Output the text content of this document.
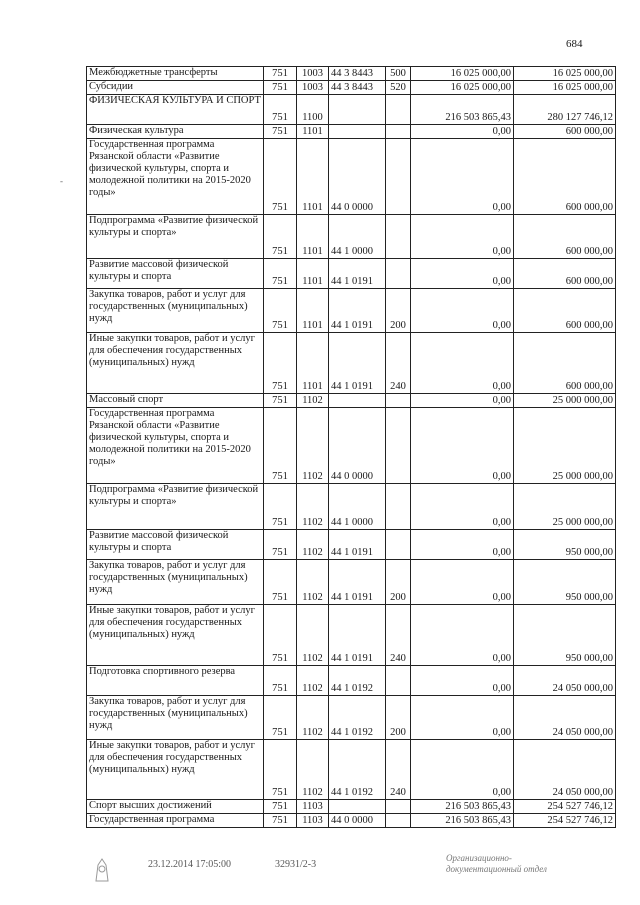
684
-
Межбюджетные трансферты	751	1003	44 3 8443	500	16 025 000,00	16 025 000,00
Субсидии	751	1003	44 3 8443	520	16 025 000,00	16 025 000,00
ФИЗИЧЕСКАЯ КУЛЬТУРА И СПОРТ	751	1100			216 503 865,43	280 127 746,12
Физическая культура	751	1101			0,00	600 000,00
Государственная программа Рязанской области «Развитие физической культуры, спорта и молодежной политики на 2015-2020 годы»	751	1101	44 0 0000		0,00	600 000,00
Подпрограмма «Развитие физической культуры и спорта»	751	1101	44 1 0000		0,00	600 000,00
Развитие массовой физической культуры и спорта	751	1101	44 1 0191		0,00	600 000,00
Закупка товаров, работ и услуг для государственных (муниципальных) нужд	751	1101	44 1 0191	200	0,00	600 000,00
Иные закупки товаров, работ и услуг для обеспечения государственных (муниципальных) нужд	751	1101	44 1 0191	240	0,00	600 000,00
Массовый спорт	751	1102			0,00	25 000 000,00
Государственная программа Рязанской области «Развитие физической культуры, спорта и молодежной политики на 2015-2020 годы»	751	1102	44 0 0000		0,00	25 000 000,00
Подпрограмма «Развитие физической культуры и спорта»	751	1102	44 1 0000		0,00	25 000 000,00
Развитие массовой физической культуры и спорта	751	1102	44 1 0191		0,00	950 000,00
Закупка товаров, работ и услуг для государственных (муниципальных) нужд	751	1102	44 1 0191	200	0,00	950 000,00
Иные закупки товаров, работ и услуг для обеспечения государственных (муниципальных) нужд	751	1102	44 1 0191	240	0,00	950 000,00
Подготовка спортивного резерва	751	1102	44 1 0192		0,00	24 050 000,00
Закупка товаров, работ и услуг для государственных (муниципальных) нужд	751	1102	44 1 0192	200	0,00	24 050 000,00
Иные закупки товаров, работ и услуг для обеспечения государственных (муниципальных) нужд	751	1102	44 1 0192	240	0,00	24 050 000,00
Спорт высших достижений	751	1103			216 503 865,43	254 527 746,12
Государственная программа	751	1103	44 0 0000		216 503 865,43	254 527 746,12
23.12.2014 17:05:00	32931/2-3
Организационно-
документационный отдел
